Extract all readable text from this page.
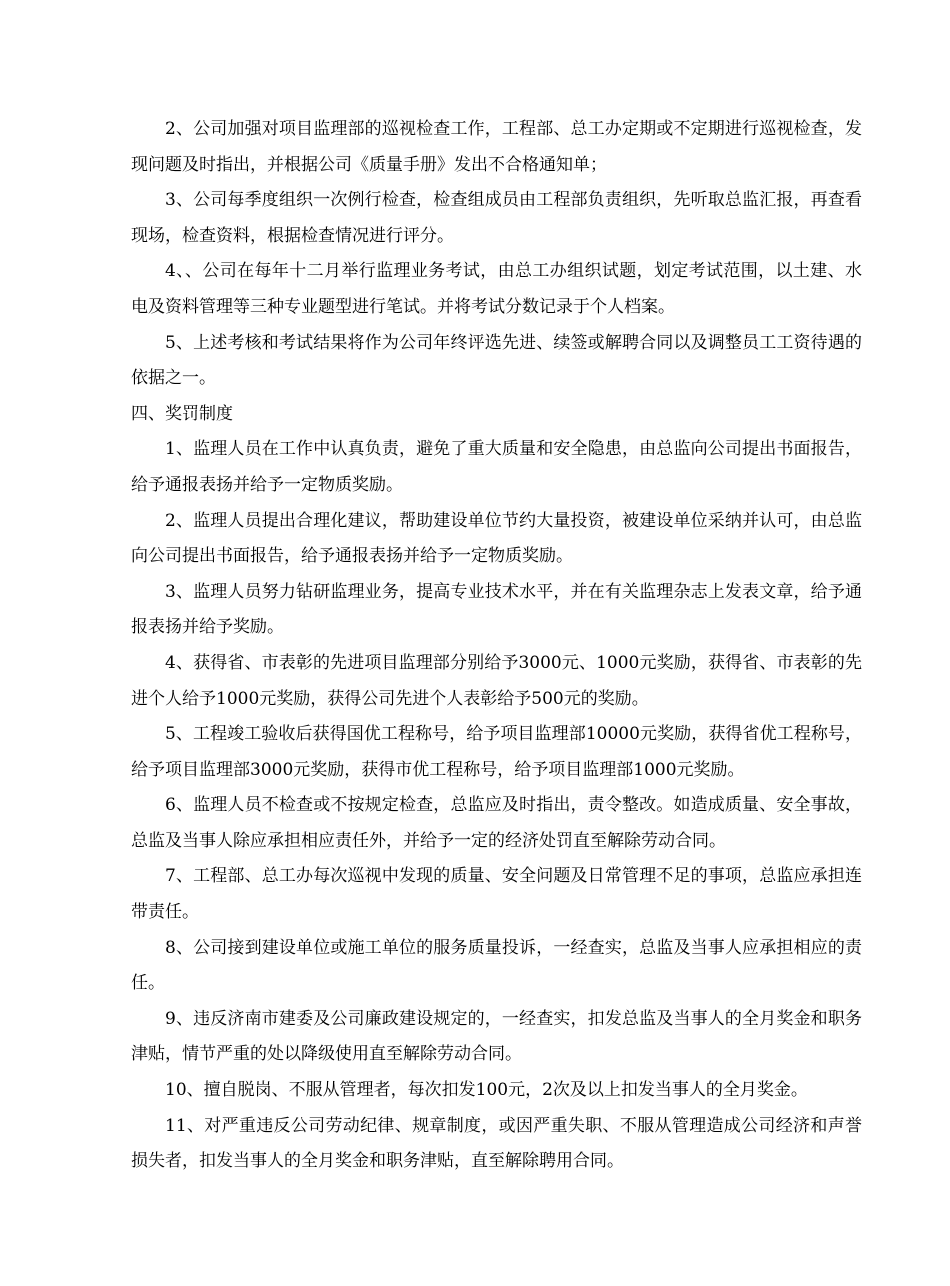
2、公司加强对项目监理部的巡视检查工作，工程部、总工办定期或不定期进行巡视检查，发现问题及时指出，并根据公司《质量手册》发出不合格通知单；

3、公司每季度组织一次例行检查，检查组成员由工程部负责组织，先听取总监汇报，再查看现场，检查资料，根据检查情况进行评分。

4、、公司在每年十二月举行监理业务考试，由总工办组织试题，划定考试范围，以土建、水电及资料管理等三种专业题型进行笔试。并将考试分数记录于个人档案。

5、上述考核和考试结果将作为公司年终评选先进、续签或解聘合同以及调整员工工资待遇的依据之一。

四、奖罚制度

1、监理人员在工作中认真负责，避免了重大质量和安全隐患，由总监向公司提出书面报告，给予通报表扬并给予一定物质奖励。

2、监理人员提出合理化建议，帮助建设单位节约大量投资，被建设单位采纳并认可，由总监向公司提出书面报告，给予通报表扬并给予一定物质奖励。

3、监理人员努力钻研监理业务，提高专业技术水平，并在有关监理杂志上发表文章，给予通报表扬并给予奖励。

4、获得省、市表彰的先进项目监理部分别给予3000元、1000元奖励，获得省、市表彰的先进个人给予1000元奖励，获得公司先进个人表彰给予500元的奖励。

5、工程竣工验收后获得国优工程称号，给予项目监理部10000元奖励，获得省优工程称号，给予项目监理部3000元奖励，获得市优工程称号，给予项目监理部1000元奖励。

6、监理人员不检查或不按规定检查，总监应及时指出，责令整改。如造成质量、安全事故，总监及当事人除应承担相应责任外，并给予一定的经济处罚直至解除劳动合同。

7、工程部、总工办每次巡视中发现的质量、安全问题及日常管理不足的事项，总监应承担连带责任。

8、公司接到建设单位或施工单位的服务质量投诉，一经查实，总监及当事人应承担相应的责任。

9、违反济南市建委及公司廉政建设规定的，一经查实，扣发总监及当事人的全月奖金和职务津贴，情节严重的处以降级使用直至解除劳动合同。

10、擅自脱岗、不服从管理者，每次扣发100元，2次及以上扣发当事人的全月奖金。

11、对严重违反公司劳动纪律、规章制度，或因严重失职、不服从管理造成公司经济和声誉损失者，扣发当事人的全月奖金和职务津贴，直至解除聘用合同。
